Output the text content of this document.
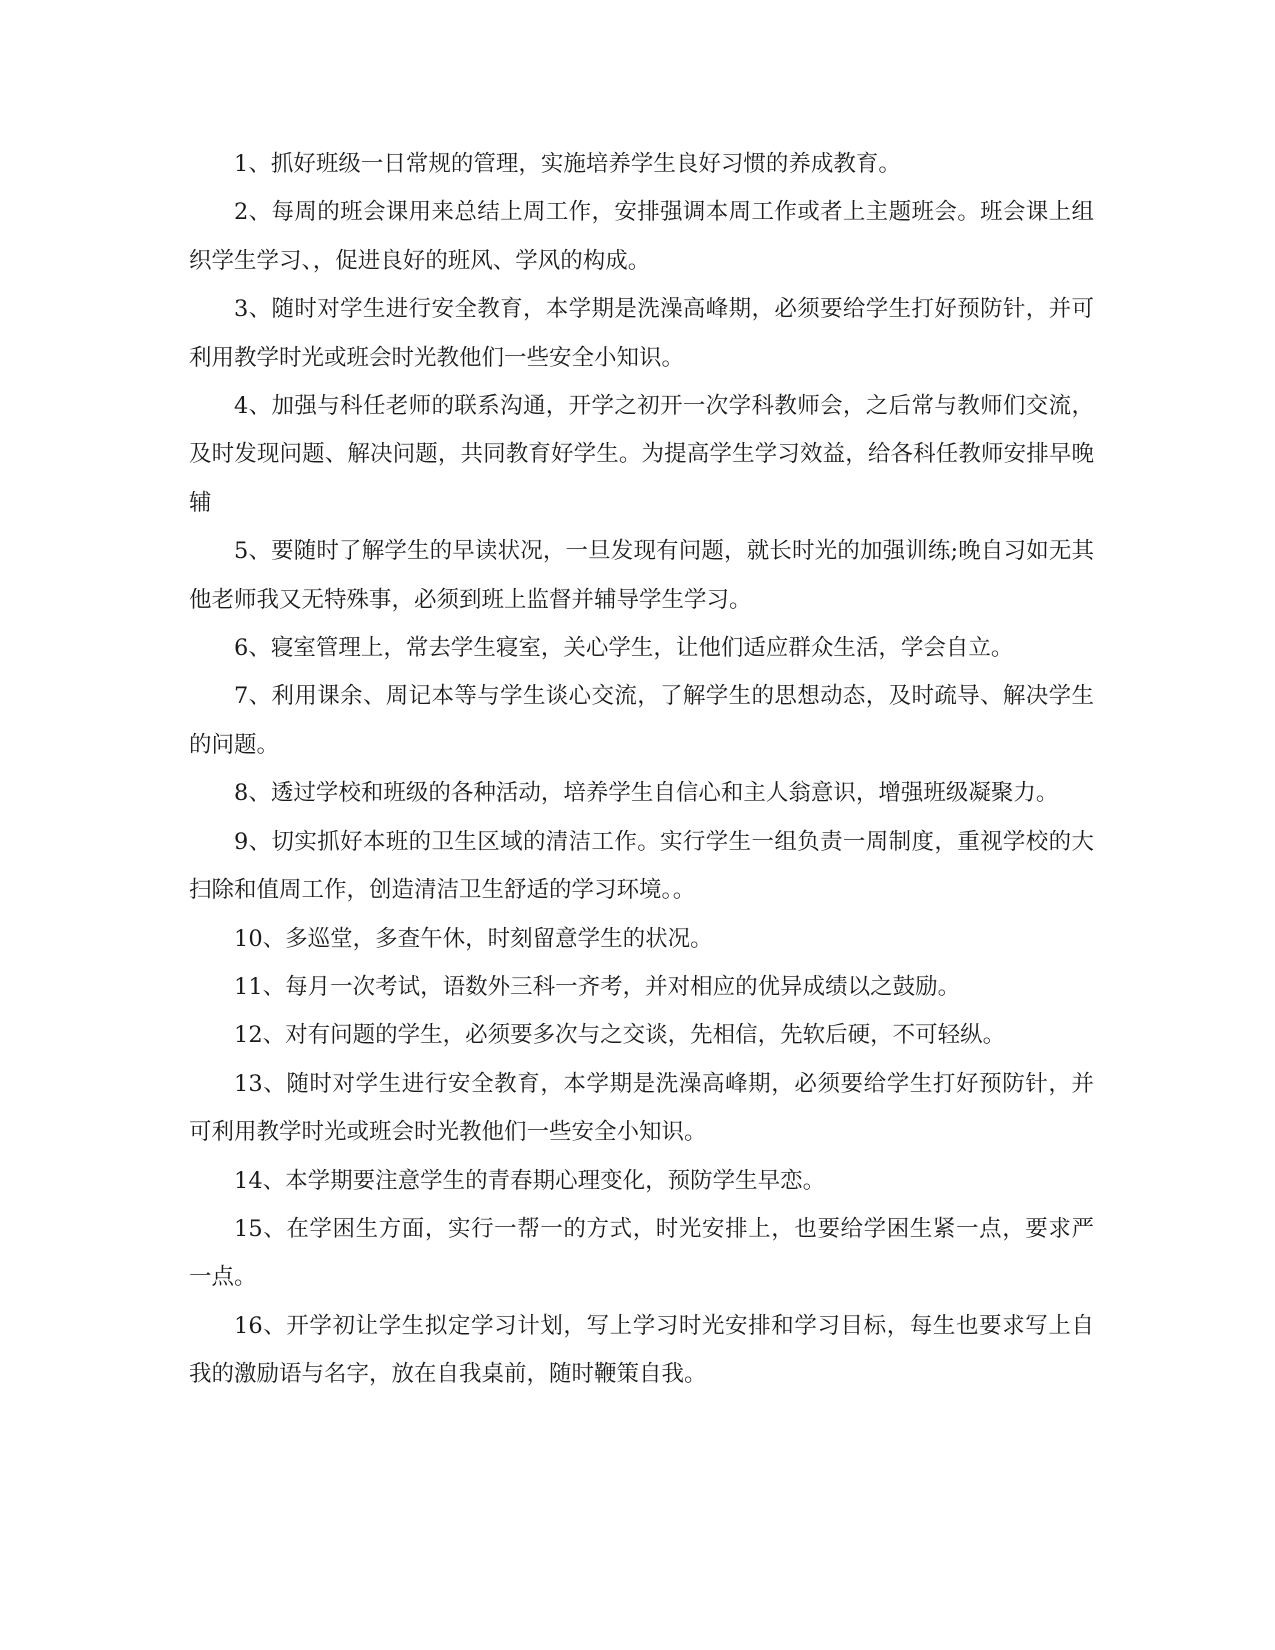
1、抓好班级一日常规的管理，实施培养学生良好习惯的养成教育。

2、每周的班会课用来总结上周工作，安排强调本周工作或者上主题班会。班会课上组织学生学习、，促进良好的班风、学风的构成。

3、随时对学生进行安全教育，本学期是洗澡高峰期，必须要给学生打好预防针，并可利用教学时光或班会时光教他们一些安全小知识。

4、加强与科任老师的联系沟通，开学之初开一次学科教师会，之后常与教师们交流，及时发现问题、解决问题，共同教育好学生。为提高学生学习效益，给各科任教师安排早晚辅

5、要随时了解学生的早读状况，一旦发现有问题，就长时光的加强训练;晚自习如无其他老师我又无特殊事，必须到班上监督并辅导学生学习。

6、寝室管理上，常去学生寝室，关心学生，让他们适应群众生活，学会自立。

7、利用课余、周记本等与学生谈心交流，了解学生的思想动态，及时疏导、解决学生的问题。

8、透过学校和班级的各种活动，培养学生自信心和主人翁意识，增强班级凝聚力。

9、切实抓好本班的卫生区域的清洁工作。实行学生一组负责一周制度，重视学校的大扫除和值周工作，创造清洁卫生舒适的学习环境。。

10、多巡堂，多查午休，时刻留意学生的状况。

11、每月一次考试，语数外三科一齐考，并对相应的优异成绩以之鼓励。

12、对有问题的学生，必须要多次与之交谈，先相信，先软后硬，不可轻纵。

13、随时对学生进行安全教育，本学期是洗澡高峰期，必须要给学生打好预防针，并可利用教学时光或班会时光教他们一些安全小知识。

14、本学期要注意学生的青春期心理变化，预防学生早恋。

15、在学困生方面，实行一帮一的方式，时光安排上，也要给学困生紧一点，要求严一点。

16、开学初让学生拟定学习计划，写上学习时光安排和学习目标，每生也要求写上自我的激励语与名字，放在自我桌前，随时鞭策自我。
